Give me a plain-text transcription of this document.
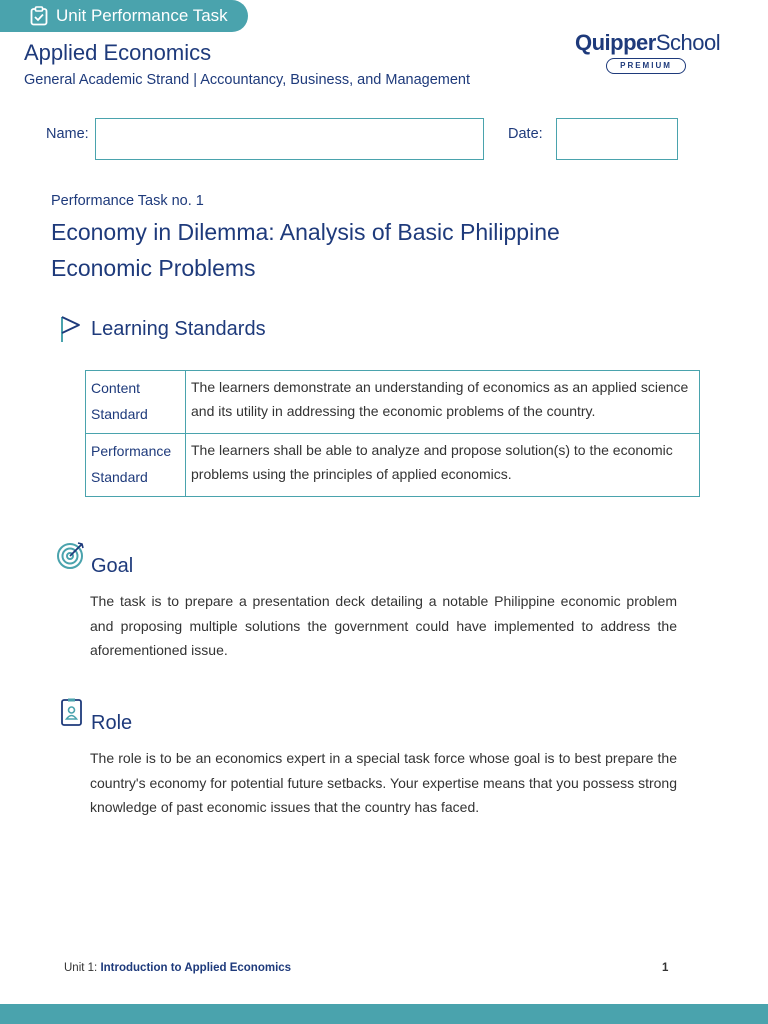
Unit Performance Task
Applied Economics
General Academic Strand | Accountancy, Business, and Management
QuipperSchool
PREMIUM
Name:	Date:
Performance Task no. 1
Economy in Dilemma: Analysis of Basic Philippine Economic Problems
Learning Standards
Content Standard	The learners demonstrate an understanding of economics as an applied science and its utility in addressing the economic problems of the country.
Performance Standard	The learners shall be able to analyze and propose solution(s) to the economic problems using the principles of applied economics.
Goal
The task is to prepare a presentation deck detailing a notable Philippine economic problem and proposing multiple solutions the government could have implemented to address the aforementioned issue.
Role
The role is to be an economics expert in a special task force whose goal is to best prepare the country's economy for potential future setbacks. Your expertise means that you possess strong knowledge of past economic issues that the country has faced.
Unit 1: Introduction to Applied Economics	1
